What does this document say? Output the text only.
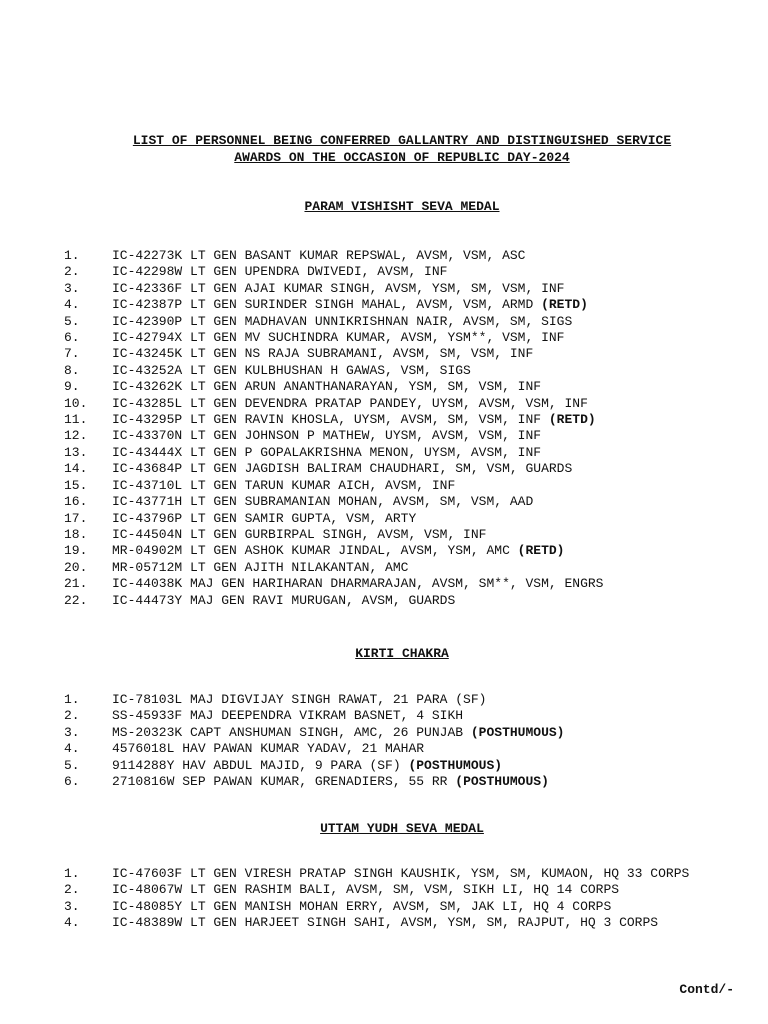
LIST OF PERSONNEL BEING CONFERRED GALLANTRY AND DISTINGUISHED SERVICE
AWARDS ON THE OCCASION OF REPUBLIC DAY-2024
PARAM VISHISHT SEVA MEDAL
1. IC-42273K LT GEN BASANT KUMAR REPSWAL, AVSM, VSM, ASC
2. IC-42298W LT GEN UPENDRA DWIVEDI, AVSM, INF
3. IC-42336F LT GEN AJAI KUMAR SINGH, AVSM, YSM, SM, VSM, INF
4. IC-42387P LT GEN SURINDER SINGH MAHAL, AVSM, VSM, ARMD (RETD)
5. IC-42390P LT GEN MADHAVAN UNNIKRISHNAN NAIR, AVSM, SM, SIGS
6. IC-42794X LT GEN MV SUCHINDRA KUMAR, AVSM, YSM**, VSM, INF
7. IC-43245K LT GEN NS RAJA SUBRAMANI, AVSM, SM, VSM, INF
8. IC-43252A LT GEN KULBHUSHAN H GAWAS, VSM, SIGS
9. IC-43262K LT GEN ARUN ANANTHANARAYAN, YSM, SM, VSM, INF
10. IC-43285L LT GEN DEVENDRA PRATAP PANDEY, UYSM, AVSM, VSM, INF
11. IC-43295P LT GEN RAVIN KHOSLA, UYSM, AVSM, SM, VSM, INF (RETD)
12. IC-43370N LT GEN JOHNSON P MATHEW, UYSM, AVSM, VSM, INF
13. IC-43444X LT GEN P GOPALAKRISHNA MENON, UYSM, AVSM, INF
14. IC-43684P LT GEN JAGDISH BALIRAM CHAUDHARI, SM, VSM, GUARDS
15. IC-43710L LT GEN TARUN KUMAR AICH, AVSM, INF
16. IC-43771H LT GEN SUBRAMANIAN MOHAN, AVSM, SM, VSM, AAD
17. IC-43796P LT GEN SAMIR GUPTA, VSM, ARTY
18. IC-44504N LT GEN GURBIRPAL SINGH, AVSM, VSM, INF
19. MR-04902M LT GEN ASHOK KUMAR JINDAL, AVSM, YSM, AMC (RETD)
20. MR-05712M LT GEN AJITH NILAKANTAN, AMC
21. IC-44038K MAJ GEN HARIHARAN DHARMARAJAN, AVSM, SM**, VSM, ENGRS
22. IC-44473Y MAJ GEN RAVI MURUGAN, AVSM, GUARDS
KIRTI CHAKRA
1. IC-78103L MAJ DIGVIJAY SINGH RAWAT, 21 PARA (SF)
2. SS-45933F MAJ DEEPENDRA VIKRAM BASNET, 4 SIKH
3. MS-20323K CAPT ANSHUMAN SINGH, AMC, 26 PUNJAB (POSTHUMOUS)
4. 4576018L HAV PAWAN KUMAR YADAV, 21 MAHAR
5. 9114288Y HAV ABDUL MAJID, 9 PARA (SF) (POSTHUMOUS)
6. 2710816W SEP PAWAN KUMAR, GRENADIERS, 55 RR (POSTHUMOUS)
UTTAM YUDH SEVA MEDAL
1. IC-47603F LT GEN VIRESH PRATAP SINGH KAUSHIK, YSM, SM, KUMAON, HQ 33 CORPS
2. IC-48067W LT GEN RASHIM BALI, AVSM, SM, VSM, SIKH LI, HQ 14 CORPS
3. IC-48085Y LT GEN MANISH MOHAN ERRY, AVSM, SM, JAK LI, HQ 4 CORPS
4. IC-48389W LT GEN HARJEET SINGH SAHI, AVSM, YSM, SM, RAJPUT, HQ 3 CORPS
Contd/-
